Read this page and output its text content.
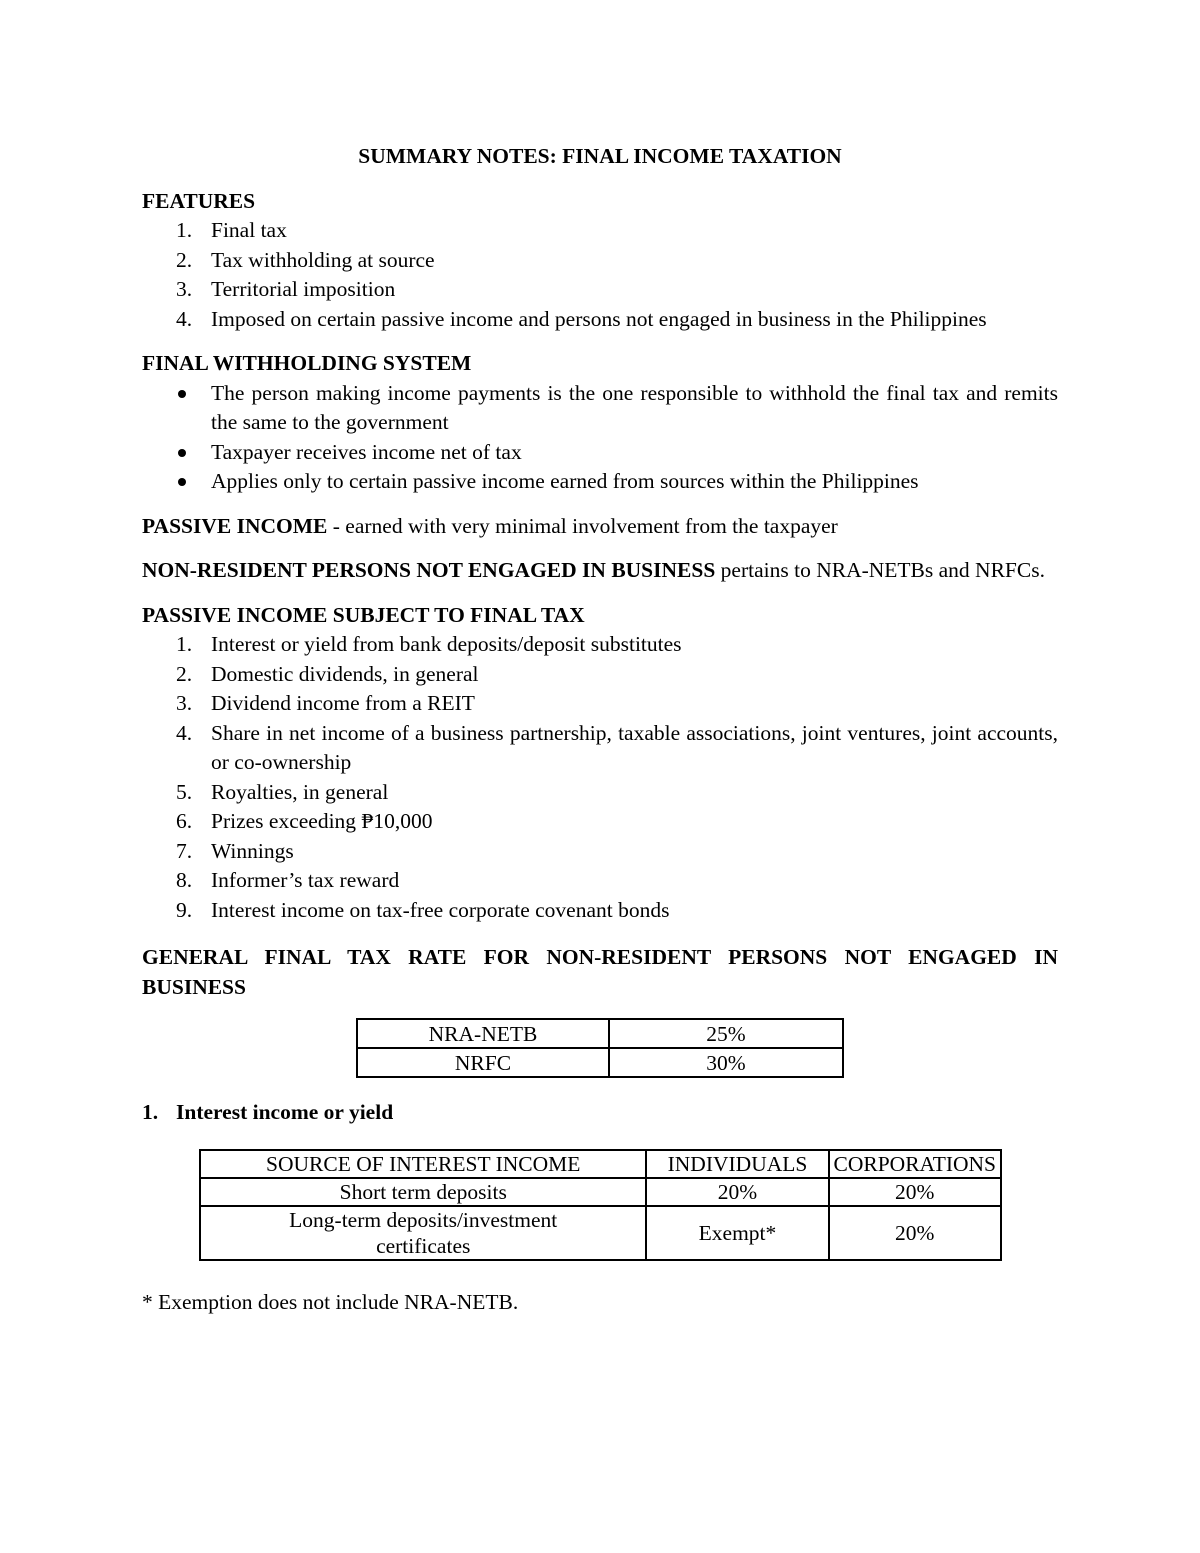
SUMMARY NOTES: FINAL INCOME TAXATION

FEATURES

1. Final tax
2. Tax withholding at source
3. Territorial imposition
4. Imposed on certain passive income and persons not engaged in business in the Philippines

FINAL WITHHOLDING SYSTEM

The person making income payments is the one responsible to withhold the final tax and remits the same to the government
Taxpayer receives income net of tax
Applies only to certain passive income earned from sources within the Philippines

PASSIVE INCOME - earned with very minimal involvement from the taxpayer

NON-RESIDENT PERSONS NOT ENGAGED IN BUSINESS pertains to NRA-NETBs and NRFCs.

PASSIVE INCOME SUBJECT TO FINAL TAX

1. Interest or yield from bank deposits/deposit substitutes
2. Domestic dividends, in general
3. Dividend income from a REIT
4. Share in net income of a business partnership, taxable associations, joint ventures, joint accounts, or co-ownership
5. Royalties, in general
6. Prizes exceeding ₱10,000
7. Winnings
8. Informer’s tax reward
9. Interest income on tax-free corporate covenant bonds

GENERAL FINAL TAX RATE FOR NON-RESIDENT PERSONS NOT ENGAGED IN BUSINESS

NRA-NETB	25%
NRFC	30%

1. Interest income or yield

SOURCE OF INTEREST INCOME	INDIVIDUALS	CORPORATIONS
Short term deposits	20%	20%
Long-term deposits/investment certificates	Exempt*	20%

* Exemption does not include NRA-NETB.
